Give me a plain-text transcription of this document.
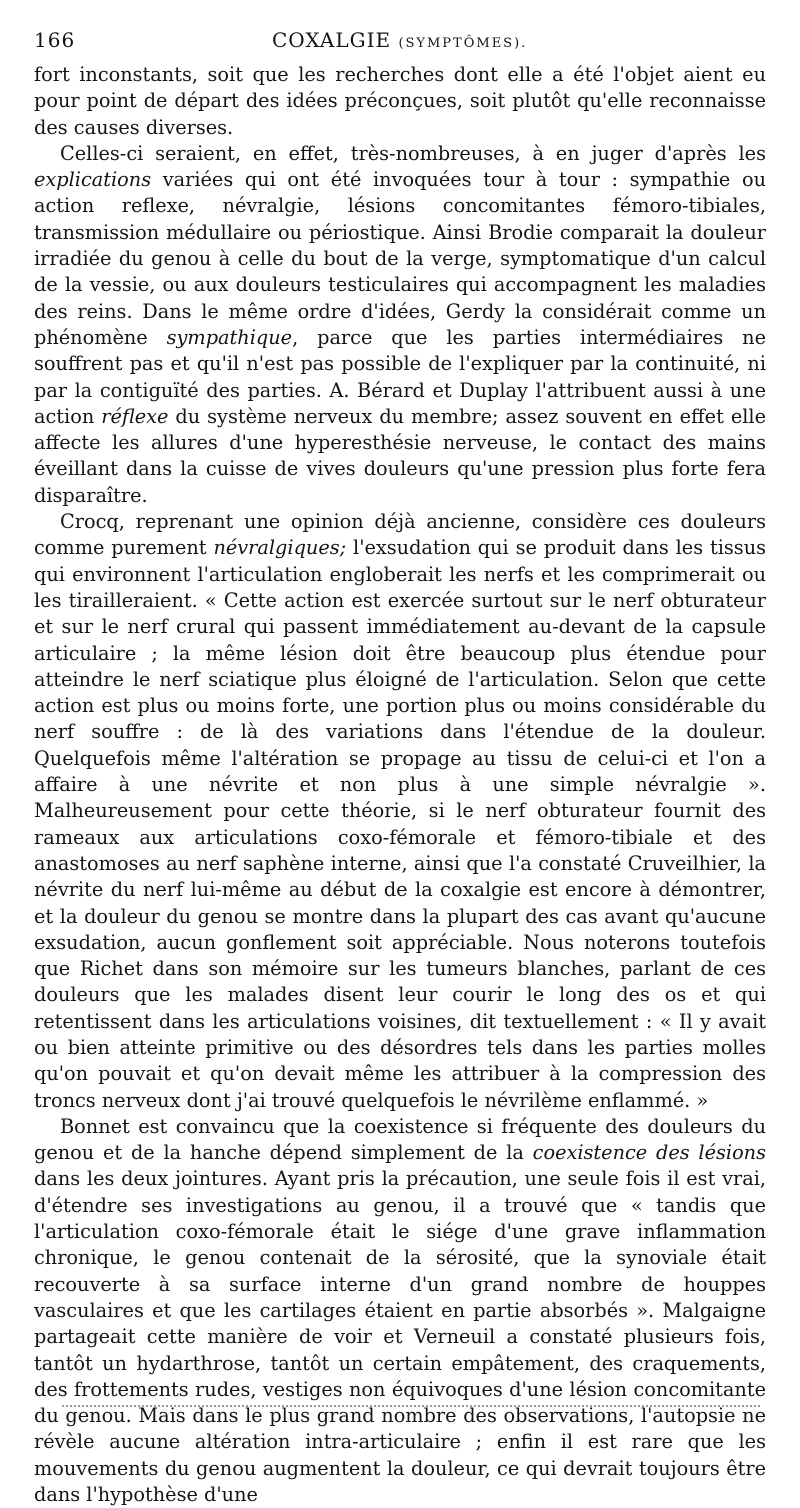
166	COXALGIE (SYMPTÔMES).

fort inconstants, soit que les recherches dont elle a été l'objet aient eu pour point de départ des idées préconçues, soit plutôt qu'elle reconnaisse des causes diverses.

Celles-ci seraient, en effet, très-nombreuses, à en juger d'après les explications variées qui ont été invoquées tour à tour : sympathie ou action reflexe, névralgie, lésions concomitantes fémoro-tibiales, transmission médullaire ou périostique. Ainsi Brodie comparait la douleur irradiée du genou à celle du bout de la verge, symptomatique d'un calcul de la vessie, ou aux douleurs testiculaires qui accompagnent les maladies des reins. Dans le même ordre d'idées, Gerdy la considérait comme un phénomène sympathique, parce que les parties intermédiaires ne souffrent pas et qu'il n'est pas possible de l'expliquer par la continuité, ni par la contiguïté des parties. A. Bérard et Duplay l'attribuent aussi à une action réflexe du système nerveux du membre; assez souvent en effet elle affecte les allures d'une hyperesthésie nerveuse, le contact des mains éveillant dans la cuisse de vives douleurs qu'une pression plus forte fera disparaître.

Crocq, reprenant une opinion déjà ancienne, considère ces douleurs comme purement névralgiques; l'exsudation qui se produit dans les tissus qui environnent l'articulation engloberait les nerfs et les comprimerait ou les tirailleraient. « Cette action est exercée surtout sur le nerf obturateur et sur le nerf crural qui passent immédiatement au-devant de la capsule articulaire ; la même lésion doit être beaucoup plus étendue pour atteindre le nerf sciatique plus éloigné de l'articulation. Selon que cette action est plus ou moins forte, une portion plus ou moins considérable du nerf souffre : de là des variations dans l'étendue de la douleur. Quelquefois même l'altération se propage au tissu de celui-ci et l'on a affaire à une névrite et non plus à une simple névralgie ». Malheureusement pour cette théorie, si le nerf obturateur fournit des rameaux aux articulations coxo-fémorale et fémoro-tibiale et des anastomoses au nerf saphène interne, ainsi que l'a constaté Cruveilhier, la névrite du nerf lui-même au début de la coxalgie est encore à démontrer, et la douleur du genou se montre dans la plupart des cas avant qu'aucune exsudation, aucun gonflement soit appréciable. Nous noterons toutefois que Richet dans son mémoire sur les tumeurs blanches, parlant de ces douleurs que les malades disent leur courir le long des os et qui retentissent dans les articulations voisines, dit textuellement : « Il y avait ou bien atteinte primitive ou des désordres tels dans les parties molles qu'on pouvait et qu'on devait même les attribuer à la compression des troncs nerveux dont j'ai trouvé quelquefois le névrilème enflammé. »

Bonnet est convaincu que la coexistence si fréquente des douleurs du genou et de la hanche dépend simplement de la coexistence des lésions dans les deux jointures. Ayant pris la précaution, une seule fois il est vrai, d'étendre ses investigations au genou, il a trouvé que « tandis que l'articulation coxo-fémorale était le siége d'une grave inflammation chronique, le genou contenait de la sérosité, que la synoviale était recouverte à sa surface interne d'un grand nombre de houppes vasculaires et que les cartilages étaient en partie absorbés ». Malgaigne partageait cette manière de voir et Verneuil a constaté plusieurs fois, tantôt un hydarthrose, tantôt un certain empâtement, des craquements, des frottements rudes, vestiges non équivoques d'une lésion concomitante du genou. Mais dans le plus grand nombre des observations, l'autopsie ne révèle aucune altération intra-articulaire ; enfin il est rare que les mouvements du genou augmentent la douleur, ce qui devrait toujours être dans l'hypothèse d'une
